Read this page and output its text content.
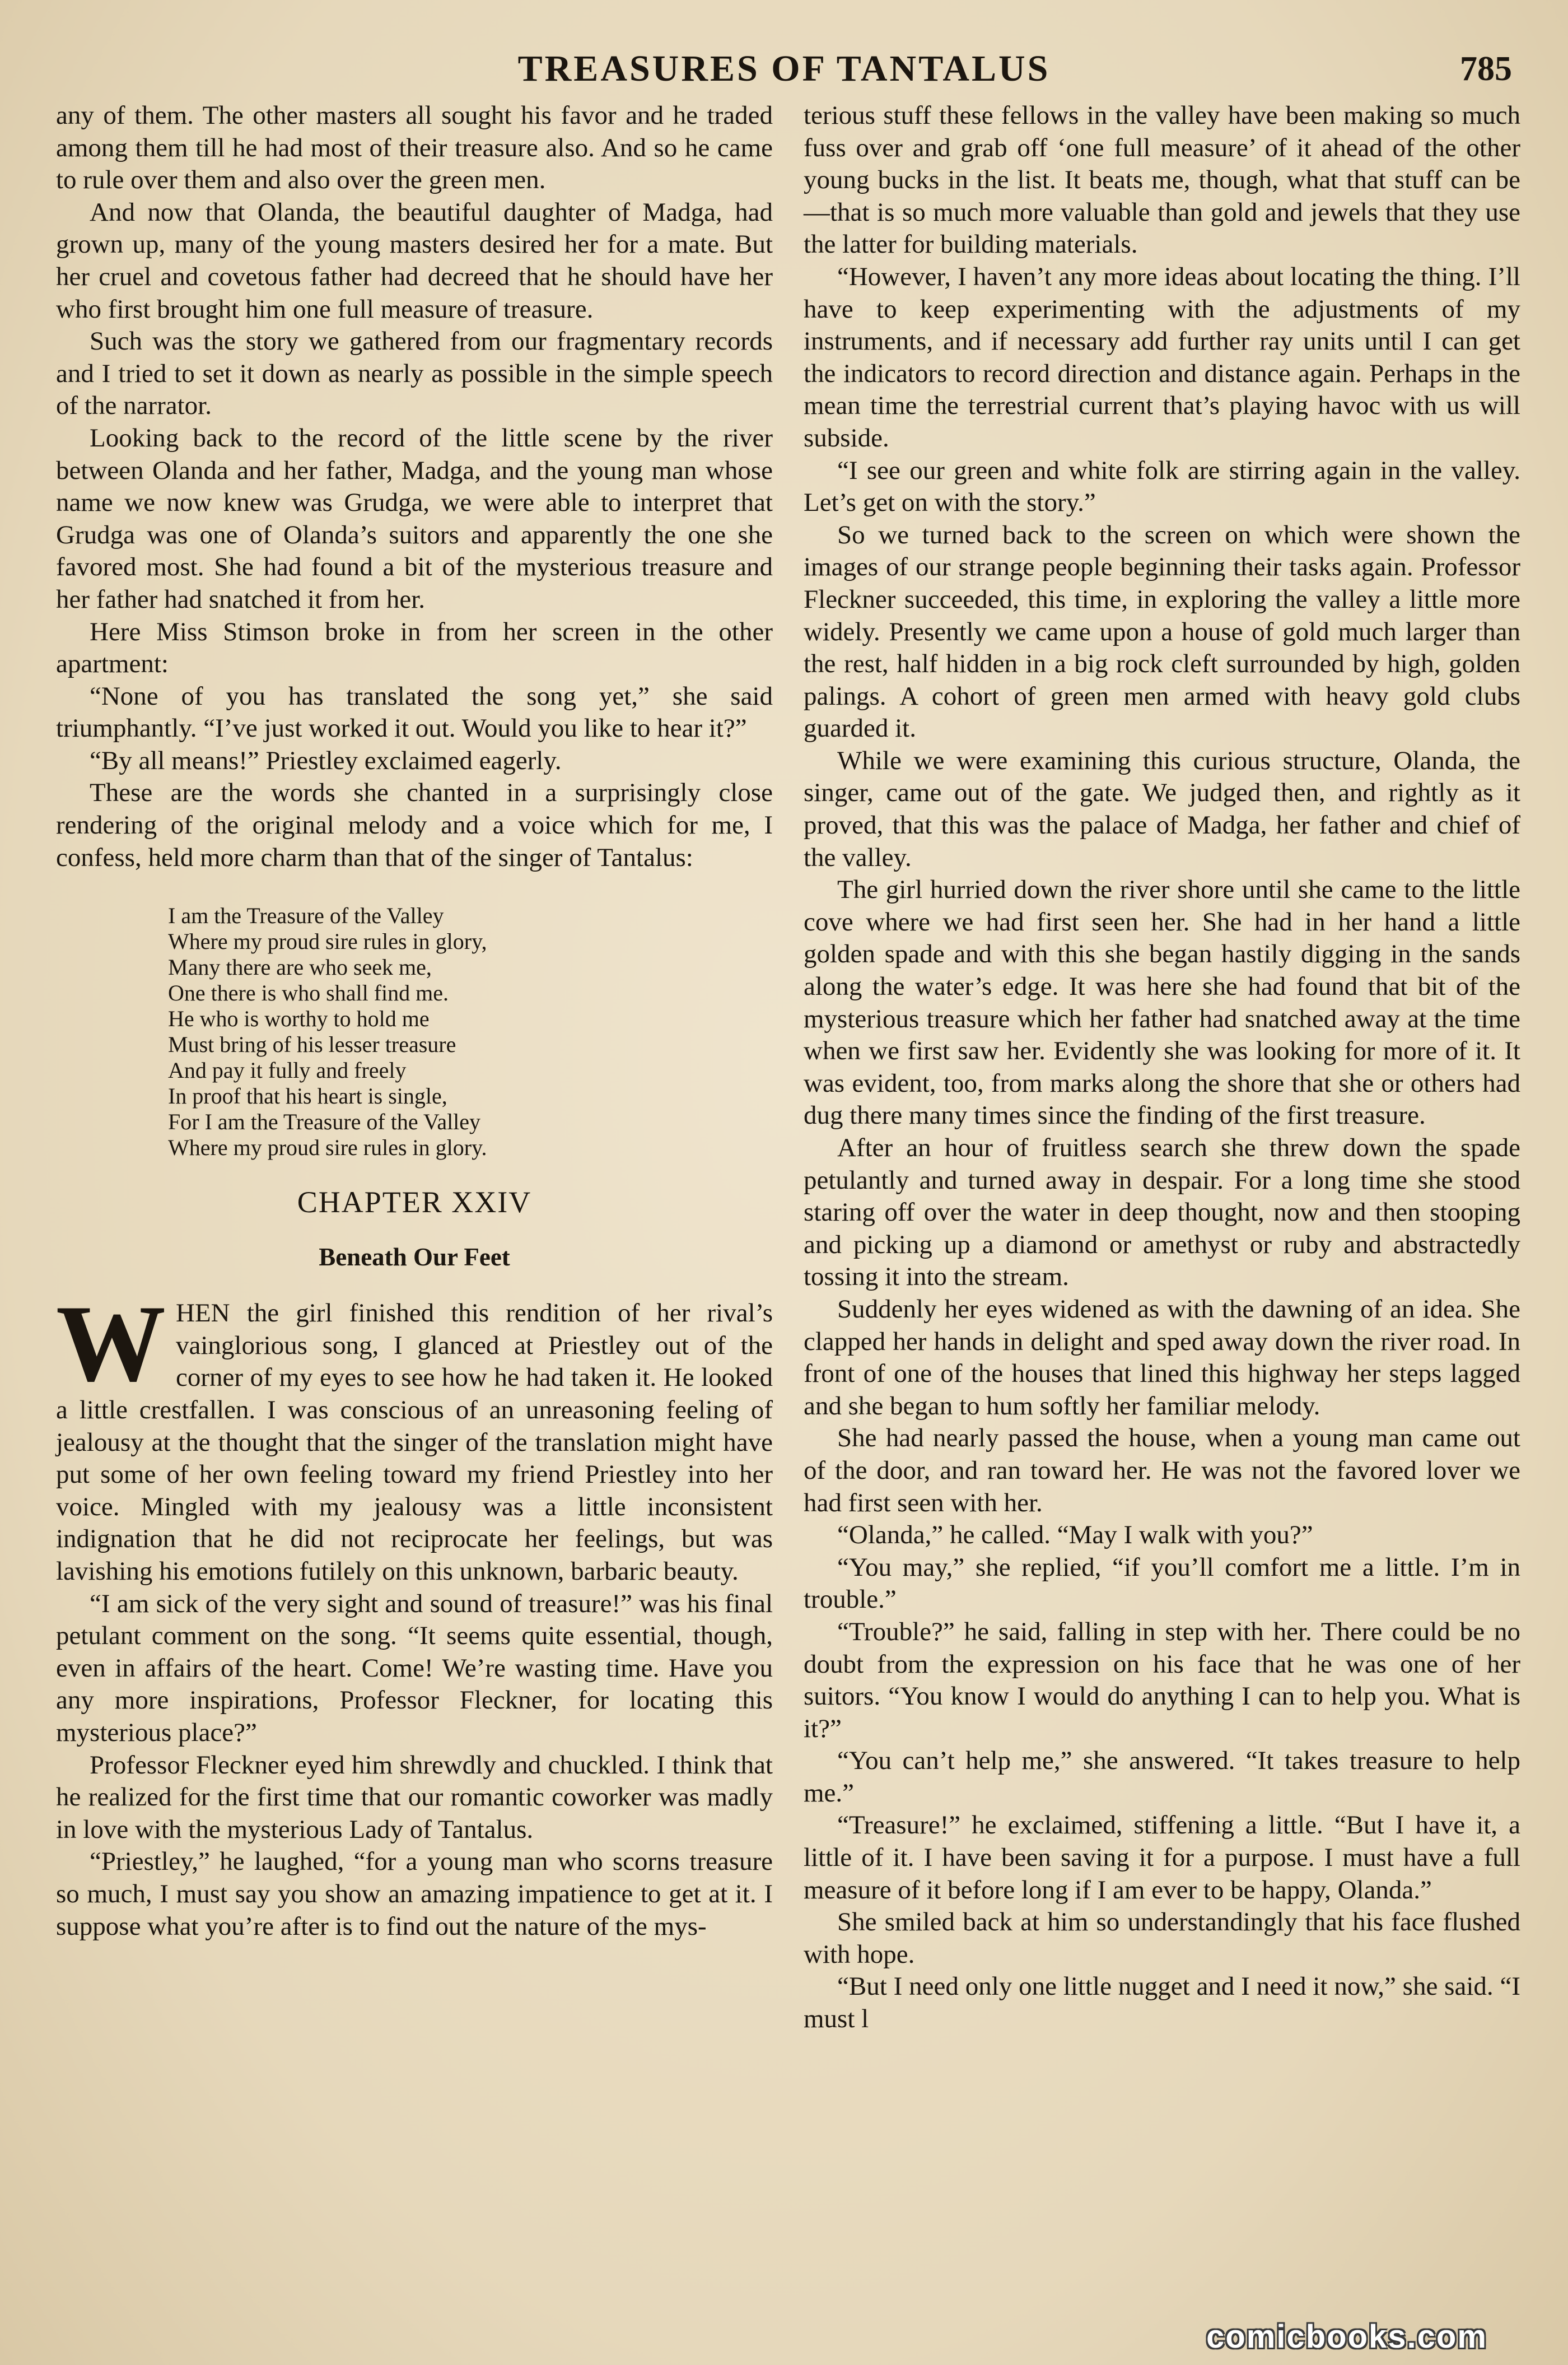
TREASURES OF TANTALUS	785

any of them. The other masters all sought his favor and he traded among them till he had most of their treasure also. And so he came to rule over them and also over the green men.

And now that Olanda, the beautiful daughter of Madga, had grown up, many of the young masters desired her for a mate. But her cruel and covetous father had decreed that he should have her who first brought him one full measure of treasure.

Such was the story we gathered from our fragmentary records and I tried to set it down as nearly as possible in the simple speech of the narrator.

Looking back to the record of the little scene by the river between Olanda and her father, Madga, and the young man whose name we now knew was Grudga, we were able to interpret that Grudga was one of Olanda’s suitors and apparently the one she favored most. She had found a bit of the mysterious treasure and her father had snatched it from her.

Here Miss Stimson broke in from her screen in the other apartment:

“None of you has translated the song yet,” she said triumphantly. “I’ve just worked it out. Would you like to hear it?”

“By all means!” Priestley exclaimed eagerly.

These are the words she chanted in a surprisingly close rendering of the original melody and a voice which for me, I confess, held more charm than that of the singer of Tantalus:

I am the Treasure of the Valley
Where my proud sire rules in glory,
Many there are who seek me,
One there is who shall find me.
He who is worthy to hold me
Must bring of his lesser treasure
And pay it fully and freely
In proof that his heart is single,
For I am the Treasure of the Valley
Where my proud sire rules in glory.
CHAPTER XXIV
Beneath Our Feet

WHEN the girl finished this rendition of her rival’s vainglorious song, I glanced at Priestley out of the corner of my eyes to see how he had taken it. He looked a little crestfallen. I was conscious of an unreasoning feeling of jealousy at the thought that the singer of the translation might have put some of her own feeling toward my friend Priestley into her voice. Mingled with my jealousy was a little inconsistent indignation that he did not reciprocate her feelings, but was lavishing his emotions futilely on this unknown, barbaric beauty.

“I am sick of the very sight and sound of treasure!” was his final petulant comment on the song. “It seems quite essential, though, even in affairs of the heart. Come! We’re wasting time. Have you any more inspirations, Professor Fleckner, for locating this mysterious place?”

Professor Fleckner eyed him shrewdly and chuckled. I think that he realized for the first time that our romantic coworker was madly in love with the mysterious Lady of Tantalus.

“Priestley,” he laughed, “for a young man who scorns treasure so much, I must say you show an amazing impatience to get at it. I suppose what you’re after is to find out the nature of the mys-

terious stuff these fellows in the valley have been making so much fuss over and grab off ‘one full measure’ of it ahead of the other young bucks in the list. It beats me, though, what that stuff can be—that is so much more valuable than gold and jewels that they use the latter for building materials.

“However, I haven’t any more ideas about locating the thing. I’ll have to keep experimenting with the adjustments of my instruments, and if necessary add further ray units until I can get the indicators to record direction and distance again. Perhaps in the mean time the terrestrial current that’s playing havoc with us will subside.

“I see our green and white folk are stirring again in the valley. Let’s get on with the story.”

So we turned back to the screen on which were shown the images of our strange people beginning their tasks again. Professor Fleckner succeeded, this time, in exploring the valley a little more widely. Presently we came upon a house of gold much larger than the rest, half hidden in a big rock cleft surrounded by high, golden palings. A cohort of green men armed with heavy gold clubs guarded it.

While we were examining this curious structure, Olanda, the singer, came out of the gate. We judged then, and rightly as it proved, that this was the palace of Madga, her father and chief of the valley.

The girl hurried down the river shore until she came to the little cove where we had first seen her. She had in her hand a little golden spade and with this she began hastily digging in the sands along the water’s edge. It was here she had found that bit of the mysterious treasure which her father had snatched away at the time when we first saw her. Evidently she was looking for more of it. It was evident, too, from marks along the shore that she or others had dug there many times since the finding of the first treasure.

After an hour of fruitless search she threw down the spade petulantly and turned away in despair. For a long time she stood staring off over the water in deep thought, now and then stooping and picking up a diamond or amethyst or ruby and abstractedly tossing it into the stream.

Suddenly her eyes widened as with the dawning of an idea. She clapped her hands in delight and sped away down the river road. In front of one of the houses that lined this highway her steps lagged and she began to hum softly her familiar melody.

She had nearly passed the house, when a young man came out of the door, and ran toward her. He was not the favored lover we had first seen with her.

“Olanda,” he called. “May I walk with you?”

“You may,” she replied, “if you’ll comfort me a little. I’m in trouble.”

“Trouble?” he said, falling in step with her. There could be no doubt from the expression on his face that he was one of her suitors. “You know I would do anything I can to help you. What is it?”

“You can’t help me,” she answered. “It takes treasure to help me.”

“Treasure!” he exclaimed, stiffening a little. “But I have it, a little of it. I have been saving it for a purpose. I must have a full measure of it before long if I am ever to be happy, Olanda.”

She smiled back at him so understandingly that his face flushed with hope.

“But I need only one little nugget and I need it now,” she said. “I must l

comicbooks.com
